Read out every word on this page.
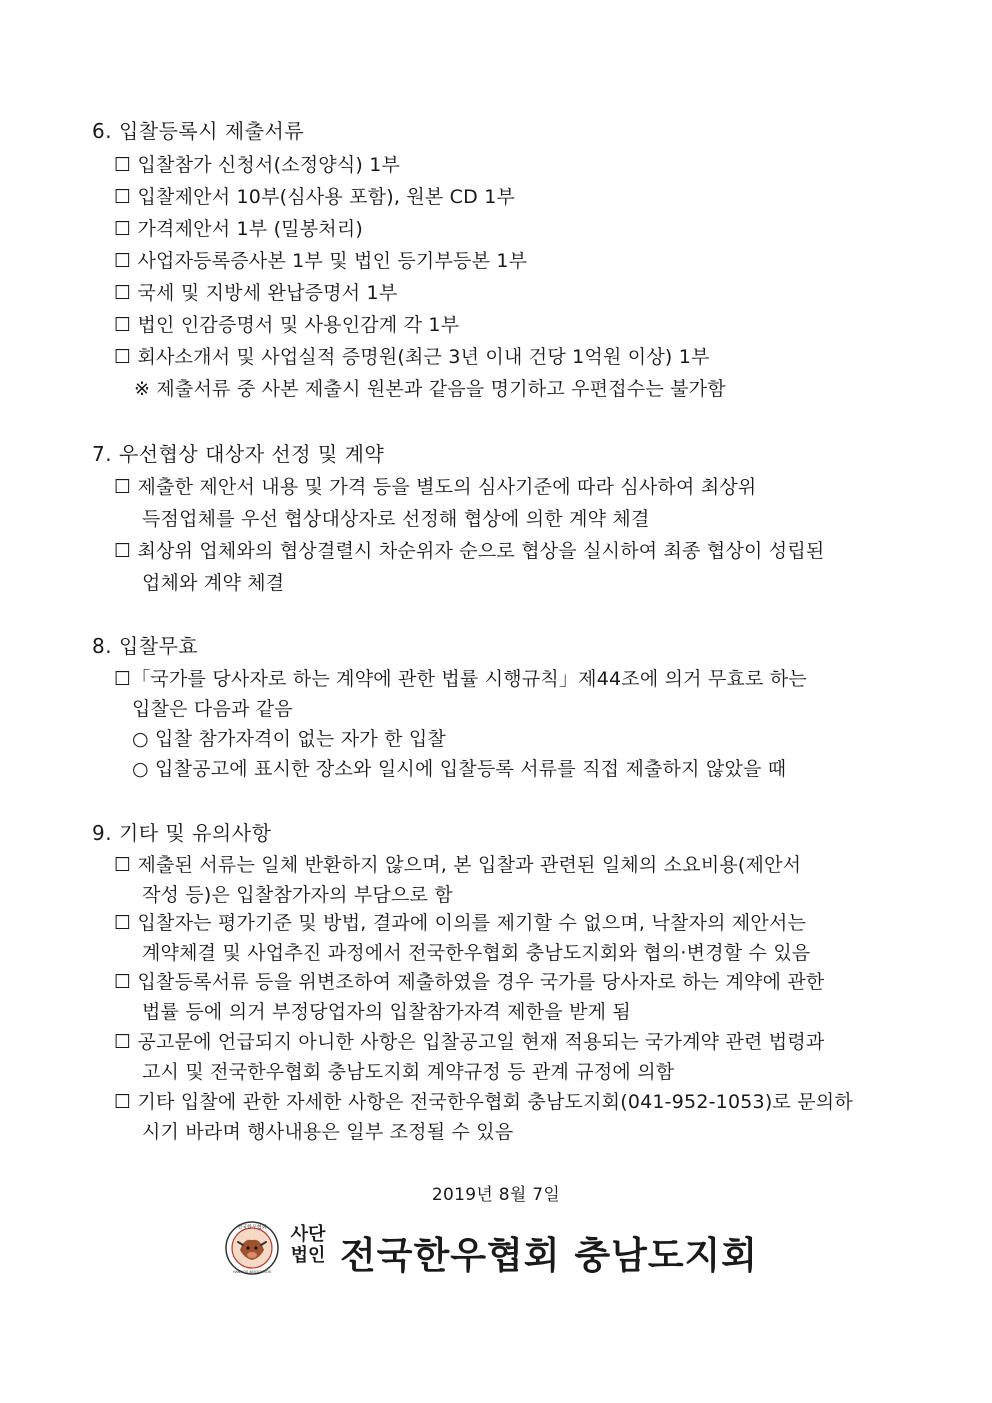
6. 입찰등록시 제출서류
☐ 입찰참가 신청서(소정양식) 1부
☐ 입찰제안서 10부(심사용 포함), 원본 CD 1부
☐ 가격제안서 1부 (밀봉처리)
☐ 사업자등록증사본 1부 및 법인 등기부등본 1부
☐ 국세 및 지방세 완납증명서 1부
☐ 법인 인감증명서 및 사용인감계 각 1부
☐ 회사소개서 및 사업실적 증명원(최근 3년 이내 건당 1억원 이상) 1부
※ 제출서류 중 사본 제출시 원본과 같음을 명기하고 우편접수는 불가함
7. 우선협상 대상자 선정 및 계약
☐ 제출한 제안서 내용 및 가격 등을 별도의 심사기준에 따라 심사하여 최상위
득점업체를 우선 협상대상자로 선정해 협상에 의한 계약 체결
☐ 최상위 업체와의 협상결렬시 차순위자 순으로 협상을 실시하여 최종 협상이 성립된
업체와 계약 체결
8. 입찰무효
☐「국가를 당사자로 하는 계약에 관한 법률 시행규칙」제44조에 의거 무효로 하는
입찰은 다음과 같음
○ 입찰 참가자격이 없는 자가 한 입찰
○ 입찰공고에 표시한 장소와 일시에 입찰등록 서류를 직접 제출하지 않았을 때
9. 기타 및 유의사항
☐ 제출된 서류는 일체 반환하지 않으며, 본 입찰과 관련된 일체의 소요비용(제안서
작성 등)은 입찰참가자의 부담으로 함
☐ 입찰자는 평가기준 및 방법, 결과에 이의를 제기할 수 없으며, 낙찰자의 제안서는
계약체결 및 사업추진 과정에서 전국한우협회 충남도지회와 협의·변경할 수 있음
☐ 입찰등록서류 등을 위변조하여 제출하였을 경우 국가를 당사자로 하는 계약에 관한
법률 등에 의거 부정당업자의 입찰참가자격 제한을 받게 됨
☐ 공고문에 언급되지 아니한 사항은 입찰공고일 현재 적용되는 국가계약 관련 법령과
고시 및 전국한우협회 충남도지회 계약규정 등 관계 규정에 의함
☐ 기타 입찰에 관한 자세한 사항은 전국한우협회 충남도지회(041-952-1053)로 문의하
시기 바라며 행사내용은 일부 조정될 수 있음
2019년 8월 7일
전국한우협회
HANWOO ASSOCIATION
사단
법인 전국한우협회 충남도지회
